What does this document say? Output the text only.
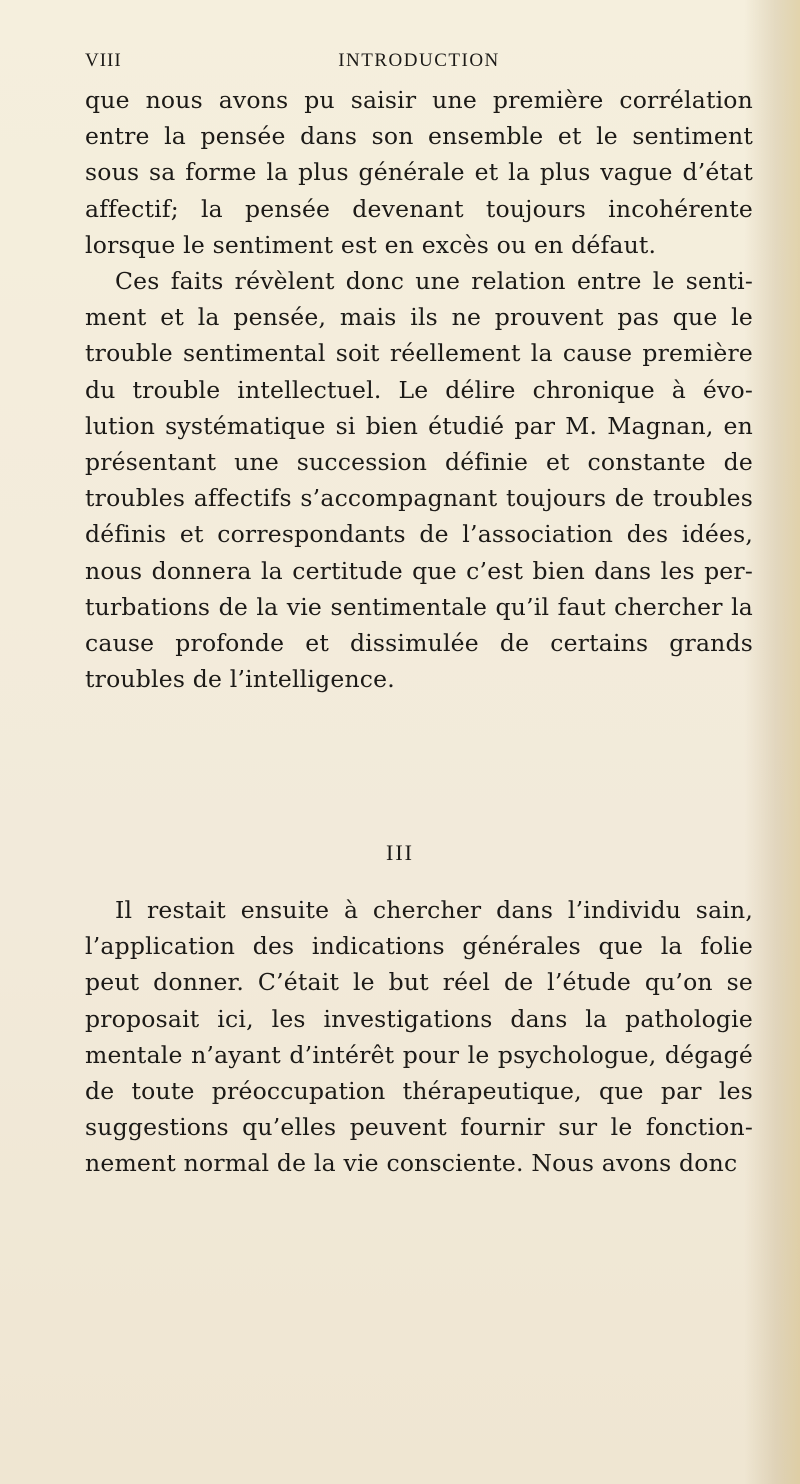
VIII	INTRODUCTION

que nous avons pu saisir une première corrélation entre la pensée dans son ensemble et le sentiment sous sa forme la plus générale et la plus vague d’état affectif; la pensée devenant toujours incohérente lorsque le sentiment est en excès ou en défaut.

Ces faits révèlent donc une relation entre le senti-ment et la pensée, mais ils ne prouvent pas que le trouble sentimental soit réellement la cause première du trouble intellectuel. Le délire chronique à évo-lution systématique si bien étudié par M. Magnan, en présentant une succession définie et constante de troubles affectifs s’accompagnant toujours de troubles définis et correspondants de l’association des idées, nous donnera la certitude que c’est bien dans les per-turbations de la vie sentimentale qu’il faut chercher la cause profonde et dissimulée de certains grands troubles de l’intelligence.

III

Il restait ensuite à chercher dans l’individu sain, l’application des indications générales que la folie peut donner. C’était le but réel de l’étude qu’on se proposait ici, les investigations dans la pathologie mentale n’ayant d’intérêt pour le psychologue, dégagé de toute préoccupation thérapeutique, que par les suggestions qu’elles peuvent fournir sur le fonction-nement normal de la vie consciente. Nous avons donc
